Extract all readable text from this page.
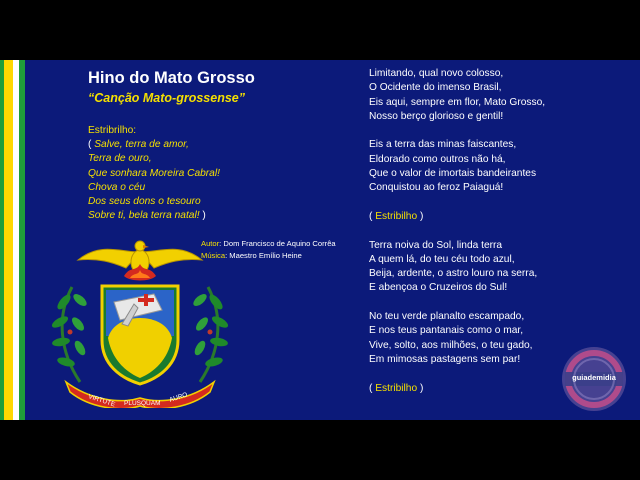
Hino do Mato Grosso
“Canção Mato-grossense”
Estribrilho:
( Salve, terra de amor,
Terra de ouro,
Que sonhara Moreira Cabral!
Chova o céu
Dos seus dons o tesouro
Sobre ti, bela terra natal! )
Autor: Dom Francisco de Aquino Corrêa
Música: Maestro Emílio Heine
VIRTUTE PLUSQUAM AURO
Limitando, qual novo colosso,
O Ocidente do imenso Brasil,
Eis aqui, sempre em flor, Mato Grosso,
Nosso berço glorioso e gentil!
Eis a terra das minas faiscantes,
Eldorado como outros não há,
Que o valor de imortais bandeirantes
Conquistou ao feroz Paiaguá!
( Estribilho )
Terra noiva do Sol, linda terra
A quem lá, do teu céu todo azul,
Beija, ardente, o astro louro na serra,
E abençoa o Cruzeiros do Sul!
No teu verde planalto escampado,
E nos teus pantanais como o mar,
Vive, solto, aos milhões, o teu gado,
Em mimosas pastagens sem par!
( Estribilho )
guiademidia
